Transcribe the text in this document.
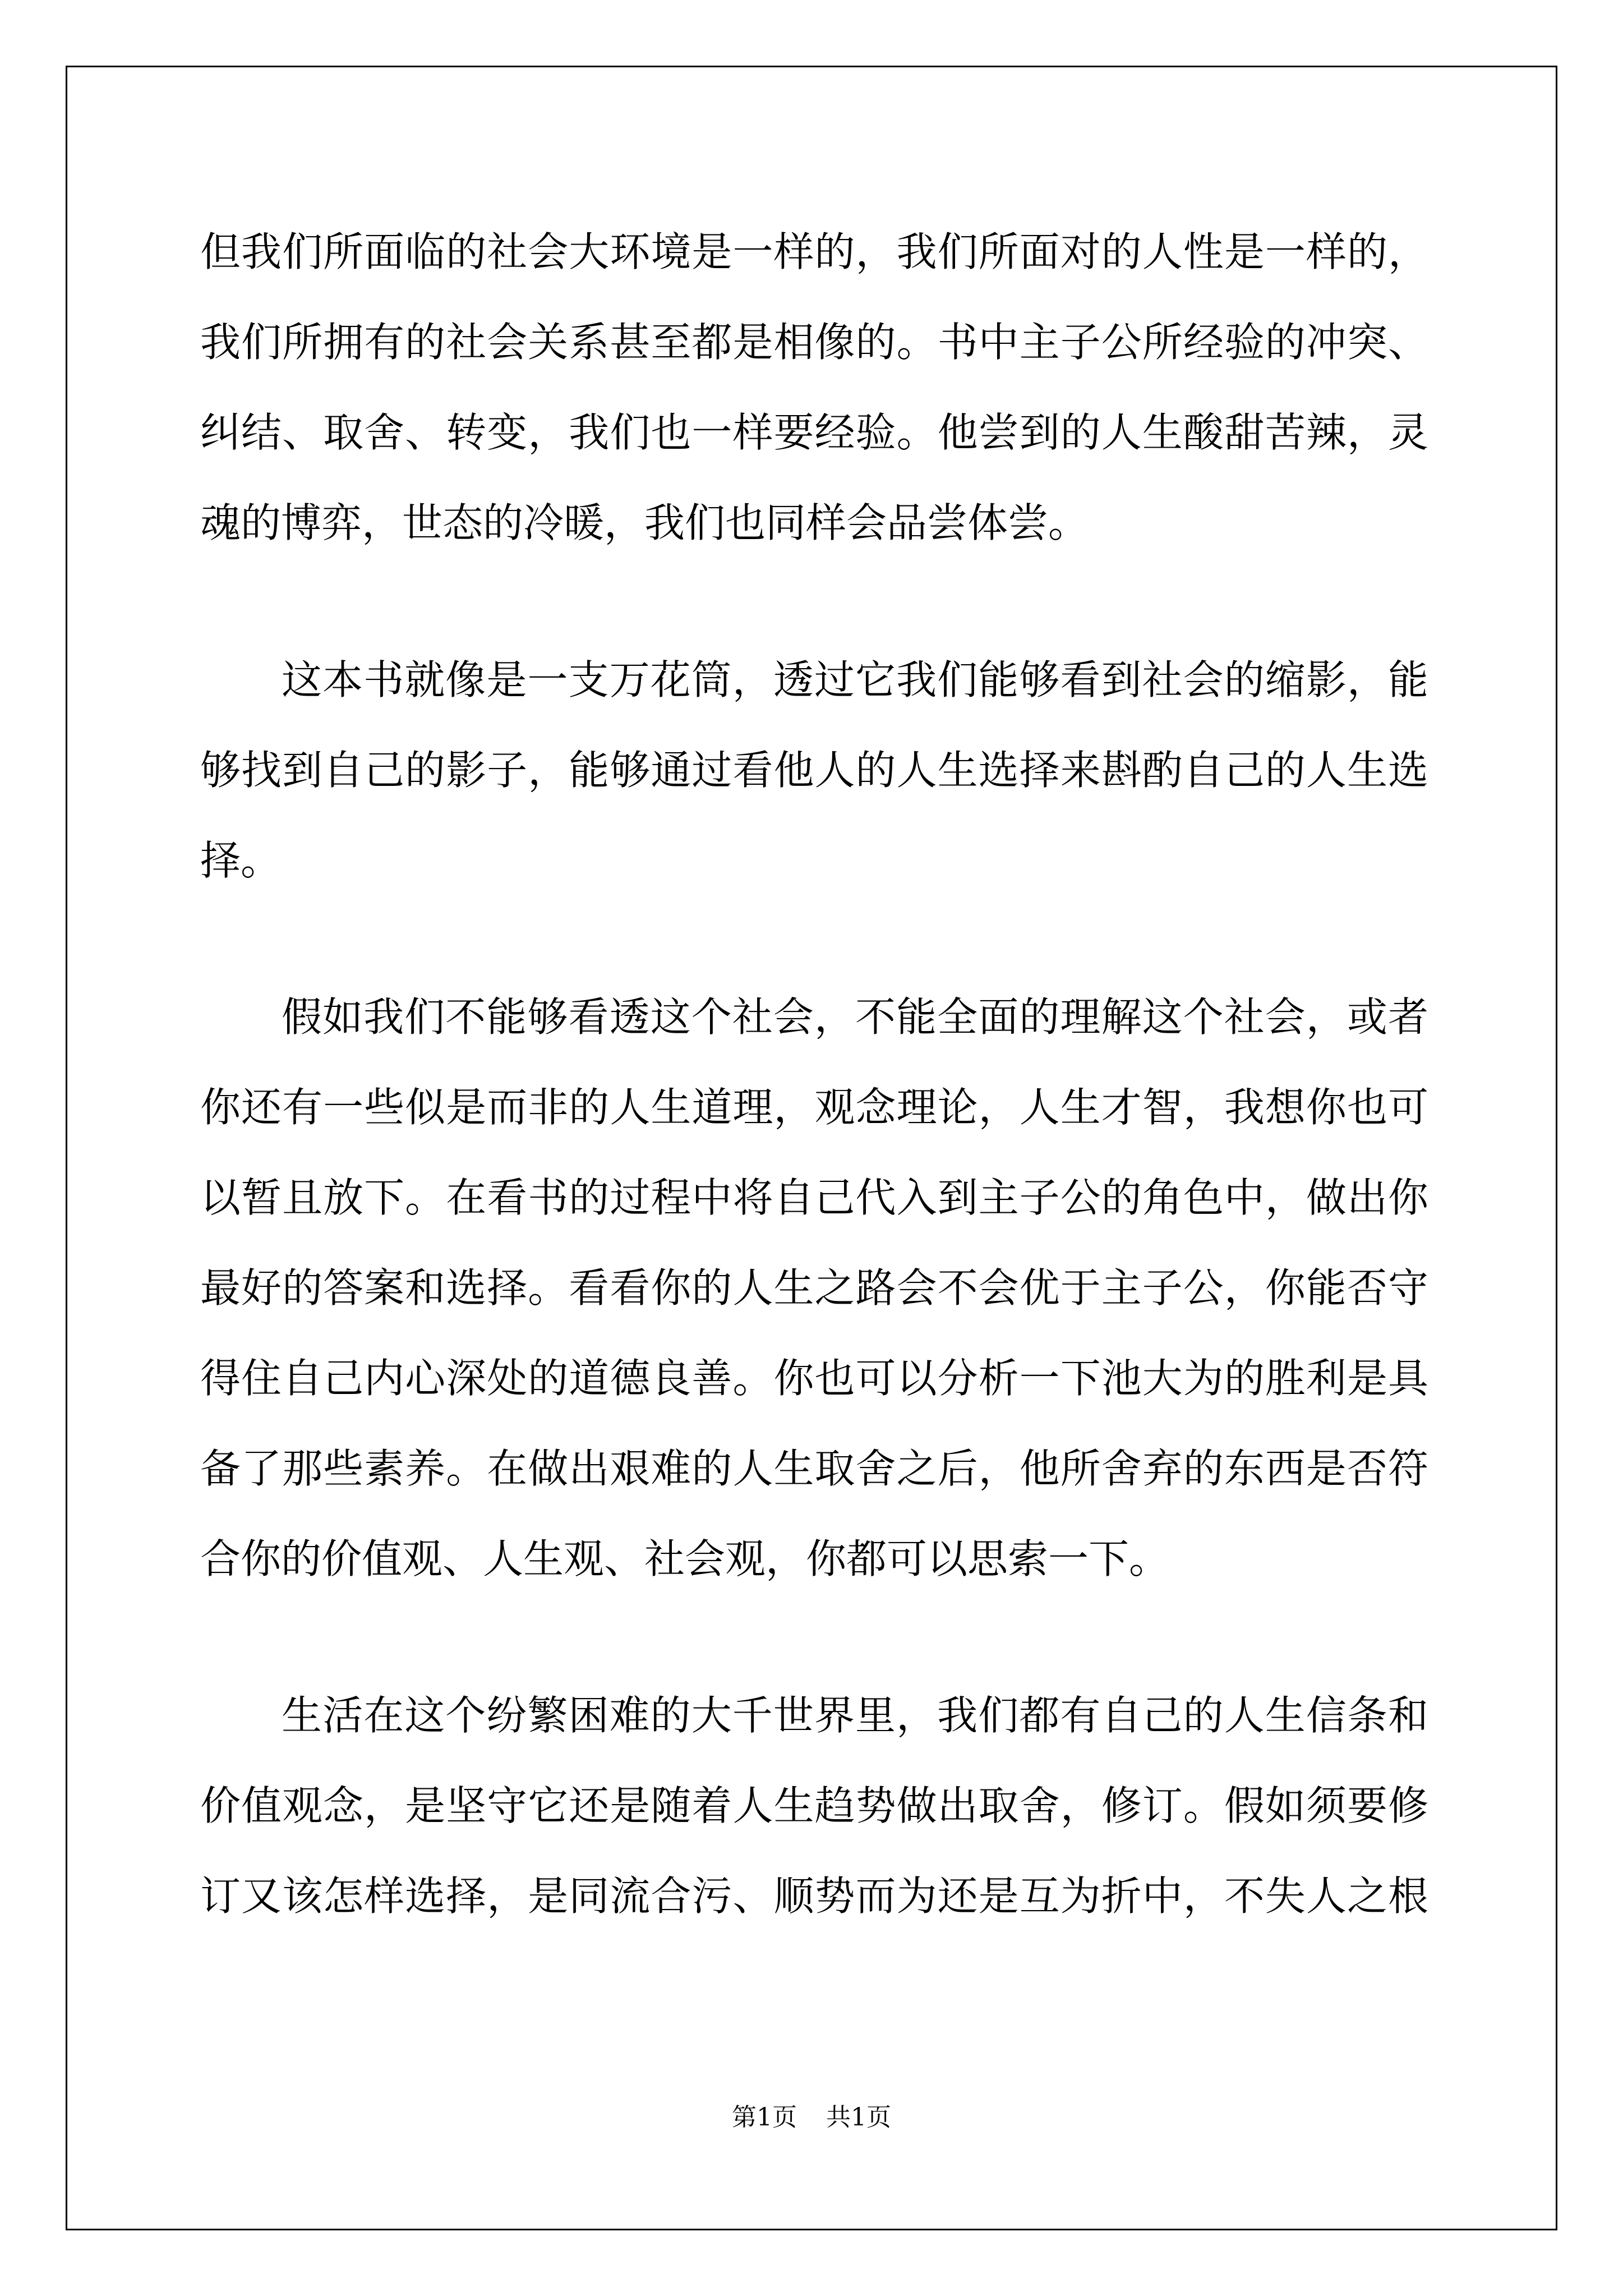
但我们所面临的社会大环境是一样的，我们所面对的人性是一样的，
我们所拥有的社会关系甚至都是相像的。书中主子公所经验的冲突、
纠结、取舍、转变，我们也一样要经验。他尝到的人生酸甜苦辣，灵
魂的博弈，世态的冷暖，我们也同样会品尝体尝。
这本书就像是一支万花筒，透过它我们能够看到社会的缩影，能
够找到自己的影子，能够通过看他人的人生选择来斟酌自己的人生选
择。
假如我们不能够看透这个社会，不能全面的理解这个社会，或者
你还有一些似是而非的人生道理，观念理论，人生才智，我想你也可
以暂且放下。在看书的过程中将自己代入到主子公的角色中，做出你
最好的答案和选择。看看你的人生之路会不会优于主子公，你能否守
得住自己内心深处的道德良善。你也可以分析一下池大为的胜利是具
备了那些素养。在做出艰难的人生取舍之后，他所舍弃的东西是否符
合你的价值观、人生观、社会观，你都可以思索一下。
生活在这个纷繁困难的大千世界里，我们都有自己的人生信条和
价值观念，是坚守它还是随着人生趋势做出取舍，修订。假如须要修
订又该怎样选择，是同流合污、顺势而为还是互为折中，不失人之根
第1页 共1页
